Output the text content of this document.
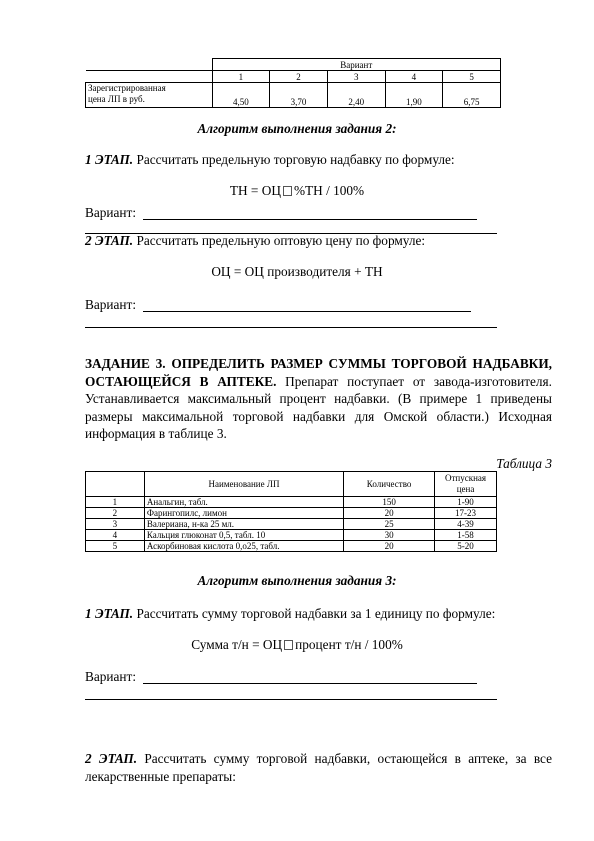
	Вариант				
	1	2	3	4	5
Зарегистрированная
цена ЛП в руб.	4,50	3,70	2,40	1,90	6,75
Алгоритм выполнения задания 2:
1 ЭТАП. Рассчитать предельную торговую надбавку по формуле:
ТН = ОЦ %ТН / 100%
Вариант:
2 ЭТАП. Рассчитать предельную оптовую цену по формуле:
ОЦ = ОЦ производителя + ТН
Вариант:
ЗАДАНИЕ 3. ОПРЕДЕЛИТЬ РАЗМЕР СУММЫ ТОРГОВОЙ НАДБАВКИ, ОСТАЮЩЕЙСЯ В АПТЕКЕ. Препарат поступает от завода-изготовителя. Устанавливается максимальный процент надбавки. (В примере 1 приведены размеры максимальной торговой надбавки для Омской области.) Исходная информация в таблице 3.
Таблица 3
	Наименование ЛП	Количество	Отпускная цена
1	Анальгин, табл.	150	1-90
2	Фарингопилс, лимон	20	17-23
3	Валериана, н-ка 25 мл.	25	4-39
4	Кальция глюконат 0,5, табл. 10	30	1-58
5	Аскорбиновая кислота 0,о25, табл.	20	5-20
Алгоритм выполнения задания 3:
1 ЭТАП. Рассчитать сумму торговой надбавки за 1 единицу по формуле:
Сумма т/н = ОЦ процент т/н / 100%
Вариант:
2 ЭТАП. Рассчитать сумму торговой надбавки, остающейся в аптеке, за все лекарственные препараты:
